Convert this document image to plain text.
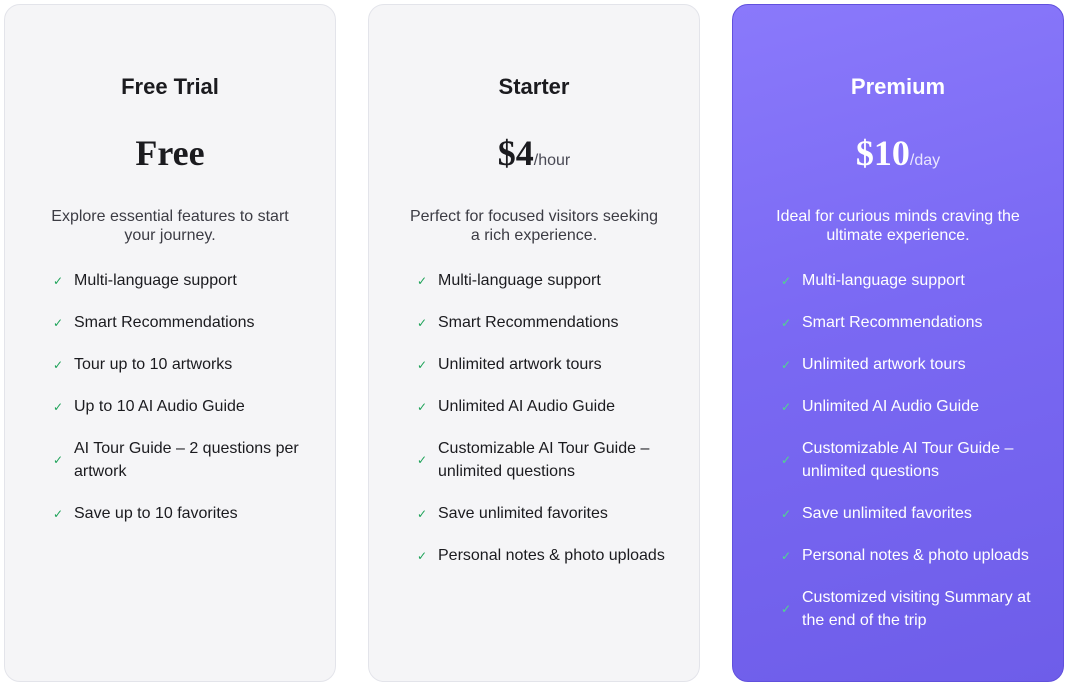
Free Trial
Free
Explore essential features to start your journey.
✓ Multi-language support
✓ Smart Recommendations
✓ Tour up to 10 artworks
✓ Up to 10 AI Audio Guide
✓
AI Tour Guide – 2 questions per artwork
✓ Save up to 10 favorites
Starter
$4/hour
Perfect for focused visitors seeking a rich experience.
✓ Multi-language support
✓ Smart Recommendations
✓ Unlimited artwork tours
✓ Unlimited AI Audio Guide
✓
Customizable AI Tour Guide – unlimited questions
✓ Save unlimited favorites
✓ Personal notes & photo uploads
Premium
$10/day
Ideal for curious minds craving the ultimate experience.
✓ Multi-language support
✓ Smart Recommendations
✓ Unlimited artwork tours
✓ Unlimited AI Audio Guide
✓
Customizable AI Tour Guide – unlimited questions
✓ Save unlimited favorites
✓ Personal notes & photo uploads
✓
Customized visiting Summary at the end of the trip
